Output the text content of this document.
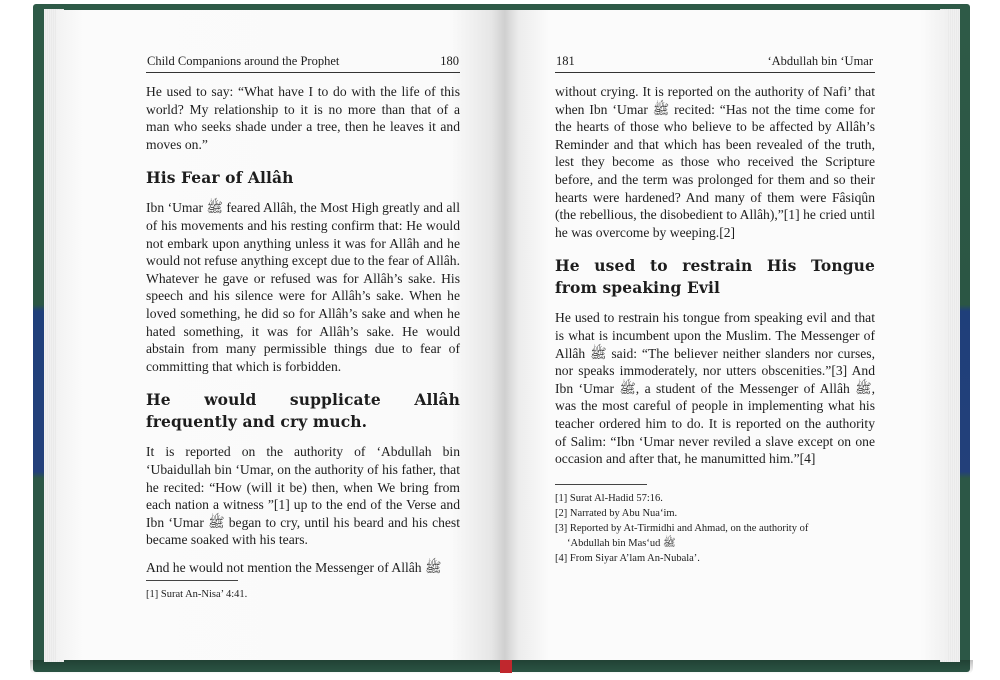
Child Companions around the Prophet	180

He used to say: “What have I to do with the life of this world? My relationship to it is no more than that of a man who seeks shade under a tree, then he leaves it and moves on.”

His Fear of Allâh

Ibn ‘Umar ﷺ feared Allâh, the Most High greatly and all of his movements and his resting confirm that: He would not embark upon anything unless it was for Allâh and he would not refuse anything except due to the fear of Allâh. Whatever he gave or refused was for Allâh’s sake. His speech and his silence were for Allâh’s sake. When he loved something, he did so for Allâh’s sake and when he hated something, it was for Allâh’s sake. He would abstain from many permissible things due to fear of committing that which is forbidden.

He would supplicate Allâh frequently and cry much.

It is reported on the authority of ‘Abdullah bin ‘Ubaidullah bin ‘Umar, on the authority of his father, that he recited: “How (will it be) then, when We bring from each nation a witness ”[1] up to the end of the Verse and Ibn ‘Umar ﷺ began to cry, until his beard and his chest became soaked with his tears.

And he would not mention the Messenger of Allâh ﷺ

[1] Surat An-Nisa’ 4:41.

181	‘Abdullah bin ‘Umar

without crying. It is reported on the authority of Nafi’ that when Ibn ‘Umar ﷺ recited: “Has not the time come for the hearts of those who believe to be affected by Allâh’s Reminder and that which has been revealed of the truth, lest they become as those who received the Scripture before, and the term was prolonged for them and so their hearts were hardened? And many of them were Fâsiqûn (the rebellious, the disobedient to Allâh),”[1] he cried until he was overcome by weeping.[2]

He used to restrain His Tongue from speaking Evil

He used to restrain his tongue from speaking evil and that is what is incumbent upon the Muslim. The Messenger of Allâh ﷺ said: “The believer neither slanders nor curses, nor speaks immoderately, nor utters obscenities.”[3] And Ibn ‘Umar ﷺ, a student of the Messenger of Allâh ﷺ, was the most careful of people in implementing what his teacher ordered him to do. It is reported on the authority of Salim: “Ibn ‘Umar never reviled a slave except on one occasion and after that, he manumitted him.”[4]

[1] Surat Al-Hadid 57:16.

[2] Narrated by Abu Nua‘im.

[3] Reported by At-Tirmidhi and Ahmad, on the authority of

‘Abdullah bin Mas‘ud ﷺ

[4] From Siyar A’lam An-Nubala’.
